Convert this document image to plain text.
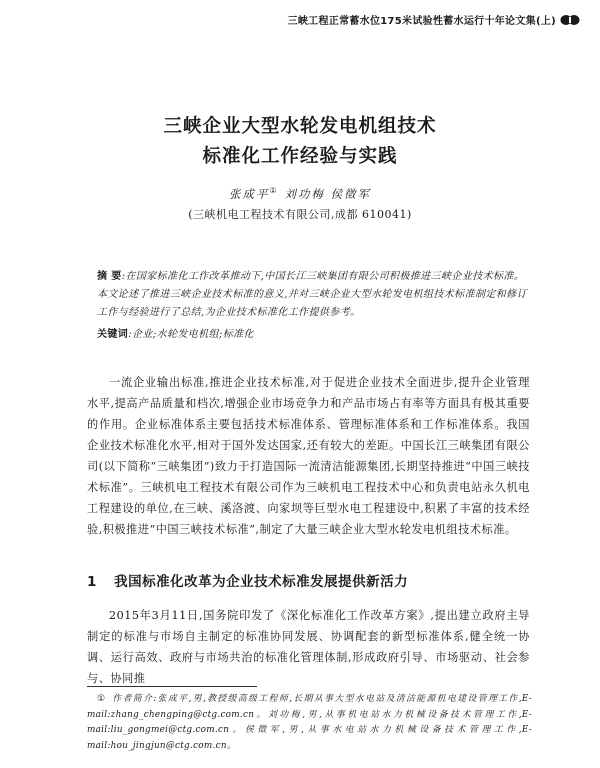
三峡工程正常蓄水位175米试验性蓄水运行十年论文集(上)
三峡企业大型水轮发电机组技术
标准化工作经验与实践
张成平① 刘功梅 侯徵军
(三峡机电工程技术有限公司,成都 610041)
摘 要:在国家标准化工作改革推动下,中国长江三峡集团有限公司积极推进三峡企业技术标准。本文论述了推进三峡企业技术标准的意义,并对三峡企业大型水轮发电机组技术标准制定和修订工作与经验进行了总结,为企业技术标准化工作提供参考。
关键词:企业;水轮发电机组;标准化

一流企业输出标准,推进企业技术标准,对于促进企业技术全面进步,提升企业管理水平,提高产品质量和档次,增强企业市场竞争力和产品市场占有率等方面具有极其重要的作用。企业标准体系主要包括技术标准体系、管理标准体系和工作标准体系。我国企业技术标准化水平,相对于国外发达国家,还有较大的差距。中国长江三峡集团有限公司(以下简称“三峡集团”)致力于打造国际一流清洁能源集团,长期坚持推进“中国三峡技术标准”。三峡机电工程技术有限公司作为三峡机电工程技术中心和负责电站永久机电工程建设的单位,在三峡、溪洛渡、向家坝等巨型水电工程建设中,积累了丰富的技术经验,积极推进“中国三峡技术标准”,制定了大量三峡企业大型水轮发电机组技术标准。

1 我国标准化改革为企业技术标准发展提供新活力

2015年3月11日,国务院印发了《深化标准化工作改革方案》,提出建立政府主导制定的标准与市场自主制定的标准协同发展、协调配套的新型标准体系,健全统一协调、运行高效、政府与市场共治的标准化管理体制,形成政府引导、市场驱动、社会参与、协同推

① 作者简介:张成平,男,教授级高级工程师,长期从事大型水电站及清洁能源机电建设管理工作,E-mail:zhang_chengping@ctg.com.cn。刘功梅,男,从事机电站水力机械设备技术管理工作,E-mail:liu_gongmei@ctg.com.cn。侯徵军,男,从事水电站水力机械设备技术管理工作,E-mail:hou_jingjun@ctg.com.cn。
